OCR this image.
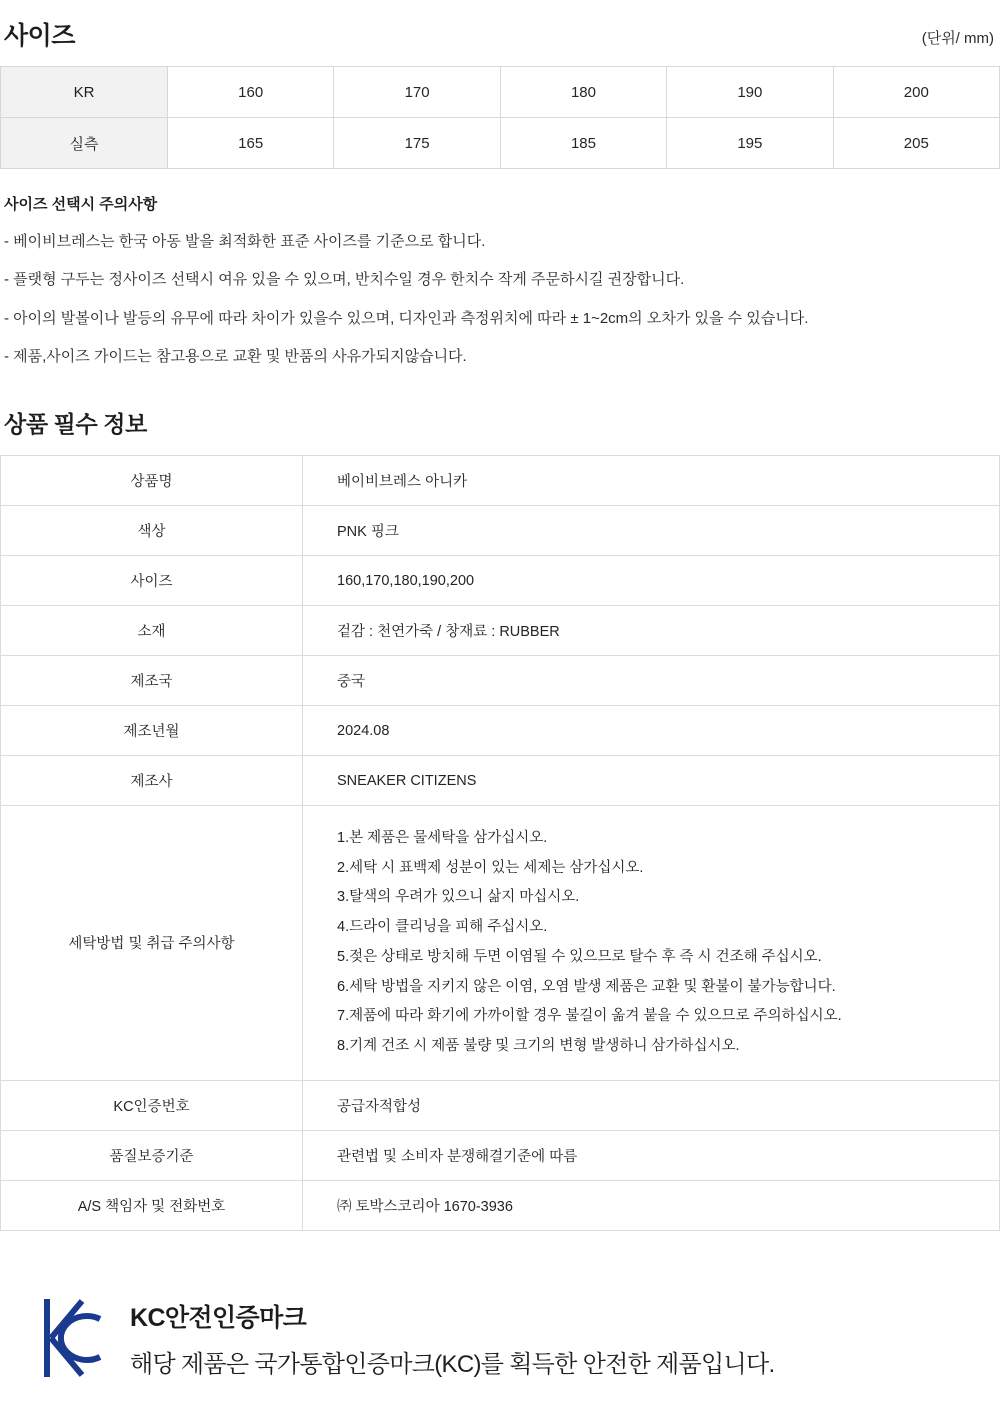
사이즈	(단위/ mm)
KR	160	170	180	190	200
실측	165	175	185	195	205
사이즈 선택시 주의사항

- 베이비브레스는 한국 아동 발을 최적화한 표준 사이즈를 기준으로 합니다.

- 플랫형 구두는 정사이즈 선택시 여유 있을 수 있으며, 반치수일 경우 한치수 작게 주문하시길 권장합니다.

- 아이의 발볼이나 발등의 유무에 따라 차이가 있을수 있으며, 디자인과 측정위치에 따라 ± 1~2cm의 오차가 있을 수 있습니다.

- 제품,사이즈 가이드는 참고용으로 교환 및 반품의 사유가되지않습니다.

상품 필수 정보
상품명	베이비브레스 아니카
색상	PNK 핑크
사이즈	160,170,180,190,200
소재	겉감 : 천연가죽 / 창재료 : RUBBER
제조국	중국
제조년월	2024.08
제조사	SNEAKER CITIZENS
세탁방법 및 취급 주의사항	
1.본 제품은 물세탁을 삼가십시오.
2.세탁 시 표백제 성분이 있는 세제는 삼가십시오.
3.탈색의 우려가 있으니 삶지 마십시오.
4.드라이 클리닝을 피해 주십시오.
5.젖은 상태로 방치해 두면 이염될 수 있으므로 탈수 후 즉 시 건조해 주십시오.
6.세탁 방법을 지키지 않은 이염, 오염 발생 제품은 교환 및 환불이 불가능합니다.
7.제품에 따라 화기에 가까이할 경우 불길이 옮겨 붙을 수 있으므로 주의하십시오.
8.기계 건조 시 제품 불량 및 크기의 변형 발생하니 삼가하십시오.

KC인증번호	공급자적합성
품질보증기준	관련법 및 소비자 분쟁해결기준에 따름
A/S 책임자 및 전화번호	㈜ 토박스코리아 1670-3936
KC안전인증마크
해당 제품은 국가통합인증마크(KC)를 획득한 안전한 제품입니다.
